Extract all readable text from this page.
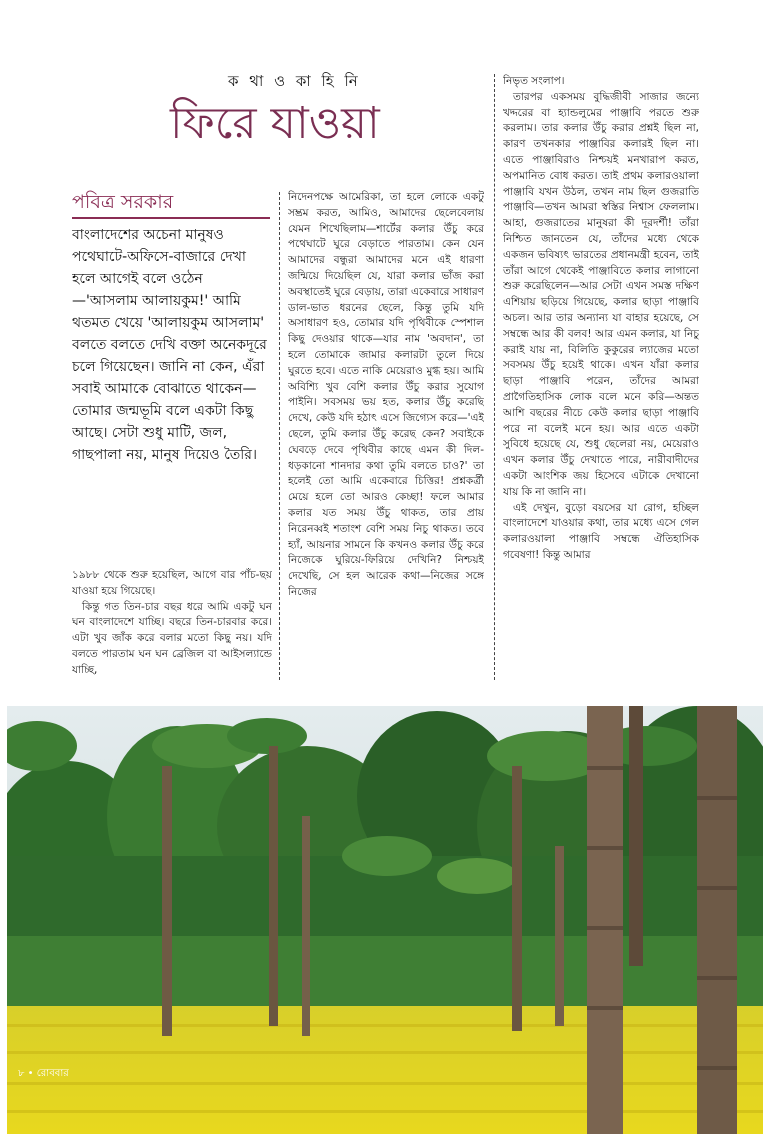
ক থা ও কা হি নি
ফিরে যাওয়া
পবিত্র সরকার
বাংলাদেশের অচেনা মানুষও পথেঘাটে-অফিসে-বাজারে দেখা হলে আগেই বলে ওঠেন—'আসলাম আলায়কুম!' আমি থতমত খেয়ে 'আলায়কুম আসলাম' বলতে বলতে দেখি বক্তা অনেকদূরে চলে গিয়েছেন। জানি না কেন, এঁরা সবাই আমাকে বোঝাতে থাকেন—তোমার জন্মভূমি বলে একটা কিছু আছে। সেটা শুধু মাটি, জল, গাছপালা নয়, মানুষ দিয়েও তৈরি।

১৯৮৮ থেকে শুরু হয়েছিল, আগে বার পাঁচ-ছয় যাওয়া হয়ে গিয়েছে।

কিন্তু গত তিন-চার বছর ধরে আমি একটু ঘন ঘন বাংলাদেশে যাচ্ছি। বছরে তিন-চারবার করে। এটা খুব জাঁক করে বলার মতো কিছু নয়। যদি বলতে পারতাম ঘন ঘন ব্রেজিল বা আইসল্যান্ডে যাচ্ছি,

নিদেনপক্ষে আমেরিকা, তা হলে লোকে একটু সম্ভ্রম করত, আমিও, আমাদের ছেলেবেলায় যেমন শিখেছিলাম—শার্টের কলার উঁচু করে পথেঘাটে ঘুরে বেড়াতে পারতাম। কেন যেন আমাদের বন্ধুরা আমাদের মনে এই ধারণা জন্মিয়ে দিয়েছিল যে, যারা কলার ভাঁজ করা অবস্থাতেই ঘুরে বেড়ায়, তারা একেবারে সাধারণ ডাল-ভাত ধরনের ছেলে, কিন্তু তুমি যদি অসাধারণ হও, তোমার যদি পৃথিবীকে স্পেশাল কিছু দেওয়ার থাকে—যার নাম 'অবদান', তা হলে তোমাকে জামার কলারটা তুলে দিয়ে ঘুরতে হবে। এতে নাকি মেয়েরাও মুগ্ধ হয়। আমি অবিশ্যি খুব বেশি কলার উঁচু করার সুযোগ পাইনি। সবসময় ভয় হত, কলার উঁচু করেছি দেখে, কেউ যদি হঠাৎ এসে জিগ্যেস করে—'এই ছেলে, তুমি কলার উঁচু করেছ কেন? সবাইকে ঘেবড়ে দেবে পৃথিবীর কাছে এমন কী দিল-ধড়কানো শানদার কথা তুমি বলতে চাও?' তা হলেই তো আমি একেবারে চিত্তির! প্রশ্নকর্ত্রী মেয়ে হলে তো আরও কেচ্ছা! ফলে আমার কলার যত সময় উঁচু থাকত, তার প্রায় নিরেনব্বই শতাংশ বেশি সময় নিচু থাকত। তবে হ্যাঁ, আয়নার সামনে কি কখনও কলার উঁচু করে নিজেকে ঘুরিয়ে-ফিরিয়ে দেখিনি? নিশ্চয়ই দেখেছি, সে হল আরেক কথা—নিজের সঙ্গে নিজের

নিভৃত সংলাপ।

তারপর একসময় বুদ্ধিজীবী সাজার জন্যে খদ্দরের বা হ্যান্ডলুমের পাঞ্জাবি পরতে শুরু করলাম। তার কলার উঁচু করার প্রশ্নই ছিল না, কারণ তখনকার পাঞ্জাবির কলারই ছিল না। এতে পাঞ্জাবিরাও নিশ্চয়ই মনখারাপ করত, অপমানিত বোধ করত। তাই প্রথম কলারওয়ালা পাঞ্জাবি যখন উঠল, তখন নাম ছিল গুজরাতি পাঞ্জাবি—তখন আমরা স্বস্তির নিশ্বাস ফেললাম। আহা, গুজরাতের মানুষরা কী দূরদর্শী! তাঁরা নিশ্চিত জানতেন যে, তাঁদের মধ্যে থেকে একজন ভবিষ্যৎ ভারতের প্রধানমন্ত্রী হবেন, তাই তাঁরা আগে থেকেই পাঞ্জাবিতে কলার লাগানো শুরু করেছিলেন—আর সেটা এখন সমস্ত দক্ষিণ এশিয়ায় ছড়িয়ে গিয়েছে, কলার ছাড়া পাঞ্জাবি অচল। আর তার অন্যান্য যা বাহার হয়েছে, সে সম্বন্ধে আর কী বলব! আর এমন কলার, যা নিচু করাই যায় না, বিলিতি কুকুরের ল্যাজের মতো সবসময় উঁচু হয়েই থাকে। এখন যাঁরা কলার ছাড়া পাঞ্জাবি পরেন, তাঁদের আমরা প্রাগৈতিহাসিক লোক বলে মনে করি—অন্তত আশি বছরের নীচে কেউ কলার ছাড়া পাঞ্জাবি পরে না বলেই মনে হয়। আর এতে একটা সুবিধে হয়েছে যে, শুধু ছেলেরা নয়, মেয়েরাও এখন কলার উঁচু দেখাতে পারে, নারীবাদীদের একটা আংশিক জয় হিসেবে এটাকে দেখানো যায় কি না জানি না।

এই দেখুন, বুড়ো বয়সের যা রোগ, হচ্ছিল বাংলাদেশে যাওয়ার কথা, তার মধ্যে এসে গেল কলারওয়ালা পাঞ্জাবি সম্বন্ধে ঐতিহাসিক গবেষণা! কিন্তু আমার

৮ • রোববার
